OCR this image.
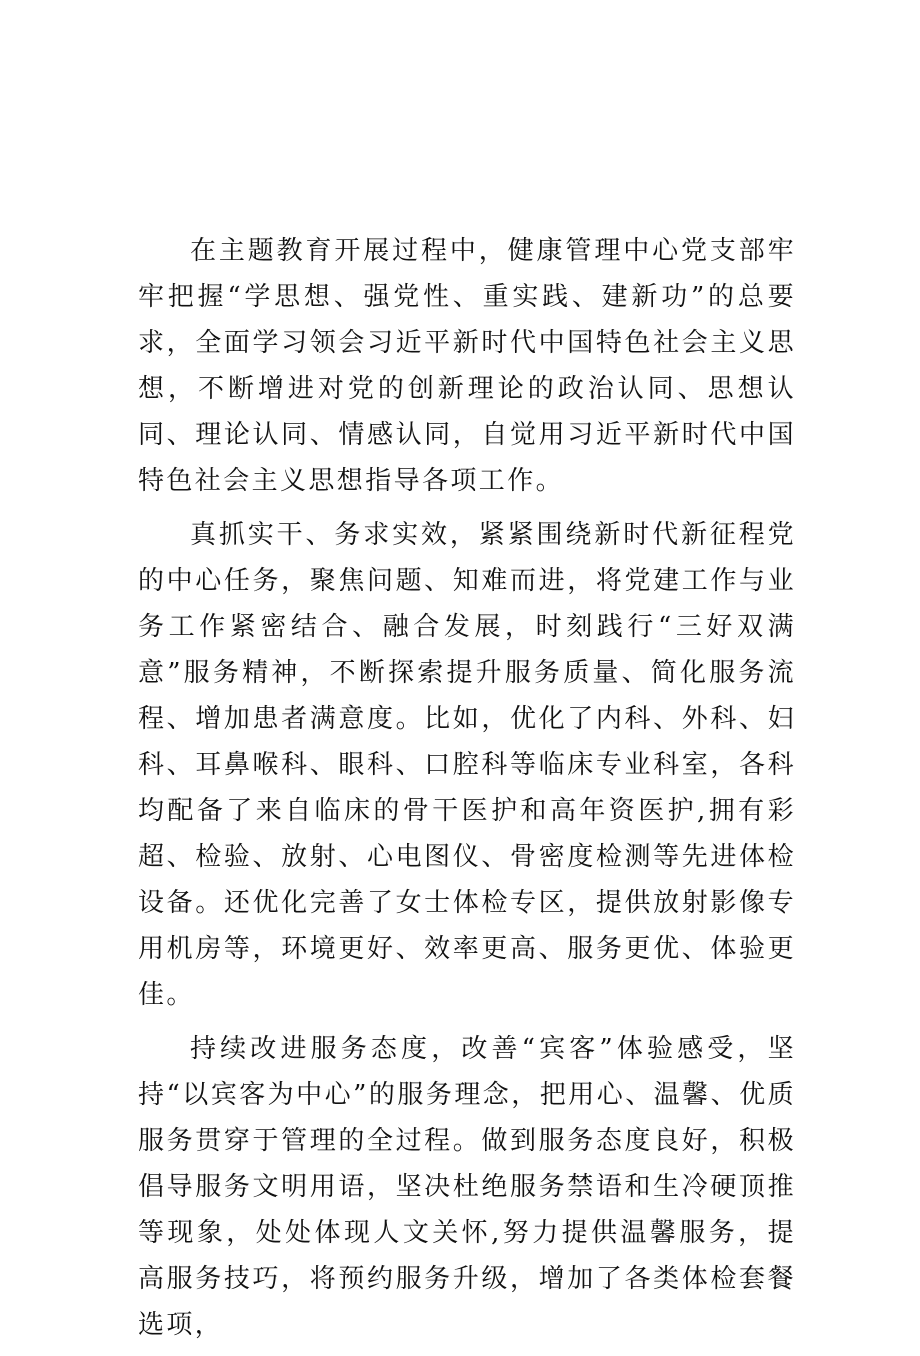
在主题教育开展过程中，健康管理中心党支部牢牢把握“学思想、强党性、重实践、建新功”的总要求，全面学习领会习近平新时代中国特色社会主义思想，不断增进对党的创新理论的政治认同、思想认同、理论认同、情感认同，自觉用习近平新时代中国特色社会主义思想指导各项工作。

真抓实干、务求实效，紧紧围绕新时代新征程党的中心任务，聚焦问题、知难而进，将党建工作与业务工作紧密结合、融合发展，时刻践行“三好双满意”服务精神，不断探索提升服务质量、简化服务流程、增加患者满意度。比如，优化了内科、外科、妇科、耳鼻喉科、眼科、口腔科等临床专业科室，各科均配备了来自临床的骨干医护和高年资医护,拥有彩超、检验、放射、心电图仪、骨密度检测等先进体检设备。还优化完善了女士体检专区，提供放射影像专用机房等，环境更好、效率更高、服务更优、体验更佳。

持续改进服务态度，改善“宾客”体验感受，坚持“以宾客为中心”的服务理念，把用心、温馨、优质服务贯穿于管理的全过程。做到服务态度良好，积极倡导服务文明用语，坚决杜绝服务禁语和生冷硬顶推等现象，处处体现人文关怀,努力提供温馨服务，提高服务技巧，将预约服务升级，增加了各类体检套餐选项，
